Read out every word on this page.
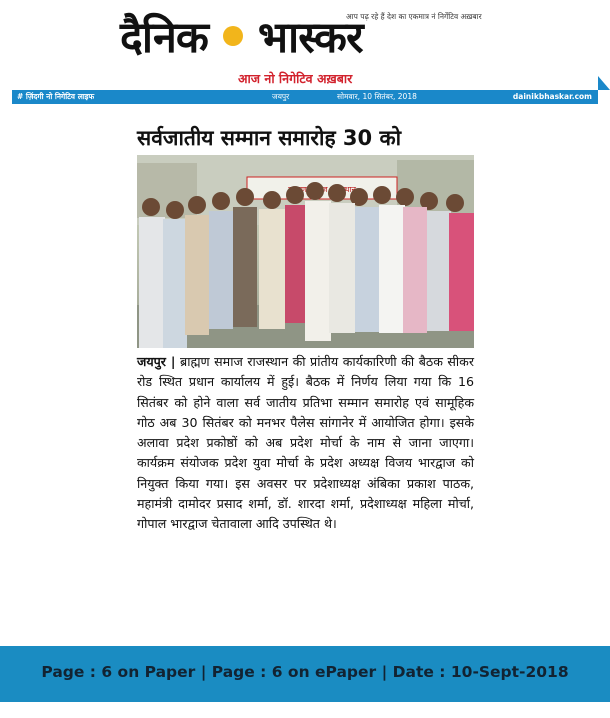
आप पढ़ रहे हैं देश का एकमात्र नं निर्गेटिव अख़बार
दैनिक भास्कर
आज नो निगेटिव अख़बार
# ज़िंदगी नो निगेटिव लाइफ	जयपुर	सोमवार, 10 सितंबर, 2018	dainikbhaskar.com
सर्वजातीय सम्मान समारोह 30 को
जयपुर | ब्राह्मण समाज राजस्थान की प्रांतीय कार्यकारिणी की बैठक सीकर रोड स्थित प्रधान कार्यालय में हुई। बैठक में निर्णय लिया गया कि 16 सितंबर को होने वाला सर्व जातीय प्रतिभा सम्मान समारोह एवं सामूहिक गोठ अब 30 सितंबर को मनभर पैलेस सांगानेर में आयोजित होगा। इसके अलावा प्रदेश प्रकोष्ठों को अब प्रदेश मोर्चा के नाम से जाना जाएगा। कार्यक्रम संयोजक प्रदेश युवा मोर्चा के प्रदेश अध्यक्ष विजय भारद्वाज को नियुक्त किया गया। इस अवसर पर प्रदेशाध्यक्ष अंबिका प्रकाश पाठक, महामंत्री दामोदर प्रसाद शर्मा, डॉ. शारदा शर्मा, प्रदेशाध्यक्ष महिला मोर्चा, गोपाल भारद्वाज चेतावाला आदि उपस्थित थे।
Page : 6 on Paper | Page : 6 on ePaper | Date : 10-Sept-2018
